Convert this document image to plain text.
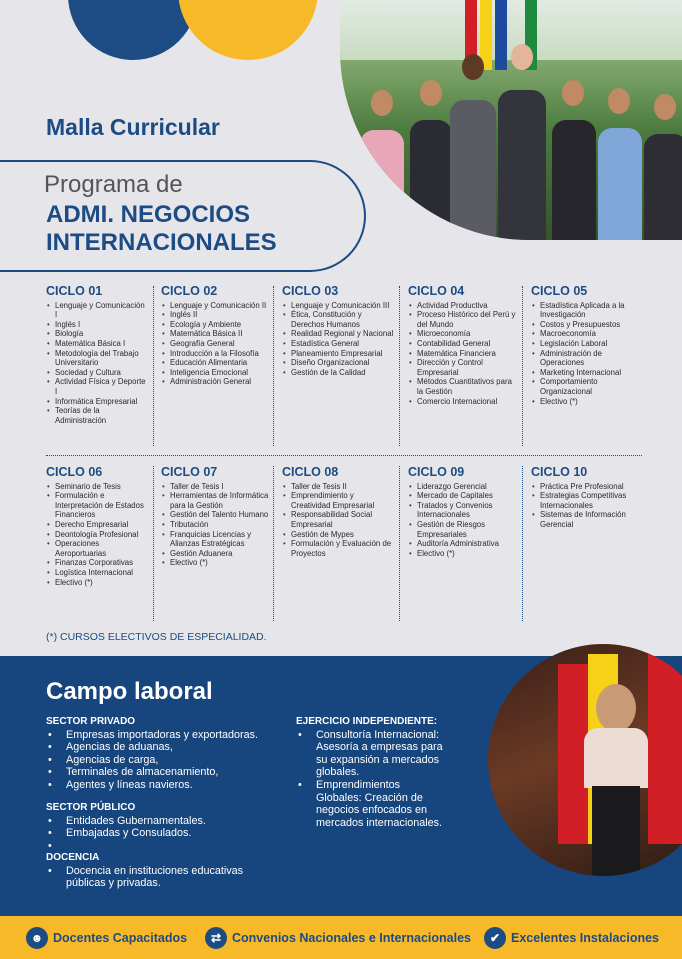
Malla Curricular
Programa de
ADMI. NEGOCIOS
INTERNACIONALES
CICLO 01
• Lenguaje y Comunicación I
• Inglés I
• Biología
• Matemática Básica I
• Metodología del Trabajo Universitario
• Sociedad y Cultura
• Actividad Física y Deporte I
• Informática Empresarial
• Teorías de la Administración
CICLO 02
• Lenguaje y Comunicación II
• Inglés II
• Ecología y Ambiente
• Matemática Básica II
• Geografía General
• Introducción a la Filosofía
• Educación Alimentaria
• Inteligencia Emocional
• Administración General
CICLO 03
• Lenguaje y Comunicación III
• Ética, Constitución y Derechos Humanos
• Realidad Regional y Nacional
• Estadística General
• Planeamiento Empresarial
• Diseño Organizacional
• Gestión de la Calidad
CICLO 04
• Actividad Productiva
• Proceso Histórico del Perú y del Mundo
• Microeconomía
• Contabilidad General
• Matemática Financiera
• Dirección y Control Empresarial
• Métodos Cuantitativos para la Gestión
• Comercio Internacional
CICLO 05
• Estadística Aplicada a la Investigación
• Costos y Presupuestos
• Macroeconomía
• Legislación Laboral
• Administración de Operaciones
• Marketing Internacional
• Comportamiento Organizacional
• Electivo (*)
CICLO 06
• Seminario de Tesis
• Formulación e Interpretación de Estados Financieros
• Derecho Empresarial
• Deontología Profesional
• Operaciones Aeroportuarias
• Finanzas Corporativas
• Logística Internacional
• Electivo (*)
CICLO 07
• Taller de Tesis I
• Herramientas de Informática para la Gestión
• Gestión del Talento Humano
• Tributación
• Franquicias Licencias y Alianzas Estratégicas
• Gestión Aduanera
• Electivo (*)
CICLO 08
• Taller de Tesis II
• Emprendimiento y Creatividad Empresarial
• Responsabilidad Social Empresarial
• Gestión de Mypes
• Formulación y Evaluación de Proyectos
CICLO 09
• Liderazgo Gerencial
• Mercado de Capitales
• Tratados y Convenios Internacionales
• Gestión de Riesgos Empresariales
• Auditoría Administrativa
• Electivo (*)
CICLO 10
• Práctica Pre Profesional
• Estrategias Competitivas Internacionales
• Sistemas de Información Gerencial
(*) CURSOS ELECTIVOS DE ESPECIALIDAD.
Campo laboral
SECTOR PRIVADO
• Empresas importadoras y exportadoras.
• Agencias de aduanas,
• Agencias de carga,
• Terminales de almacenamiento,
• Agentes y líneas navieros.
SECTOR PÚBLICO
• Entidades Gubernamentales.
• Embajadas y Consulados.
•
DOCENCIA
• Docencia en instituciones educativas públicas y privadas.
EJERCICIO INDEPENDIENTE:
• Consultoría Internacional: Asesoría a empresas para su expansión a mercados globales.
• Emprendimientos Globales: Creación de negocios enfocados en mercados internacionales.
☻ Docentes Capacitados	⇄ Convenios Nacionales e Internacionales	✔ Excelentes Instalaciones
